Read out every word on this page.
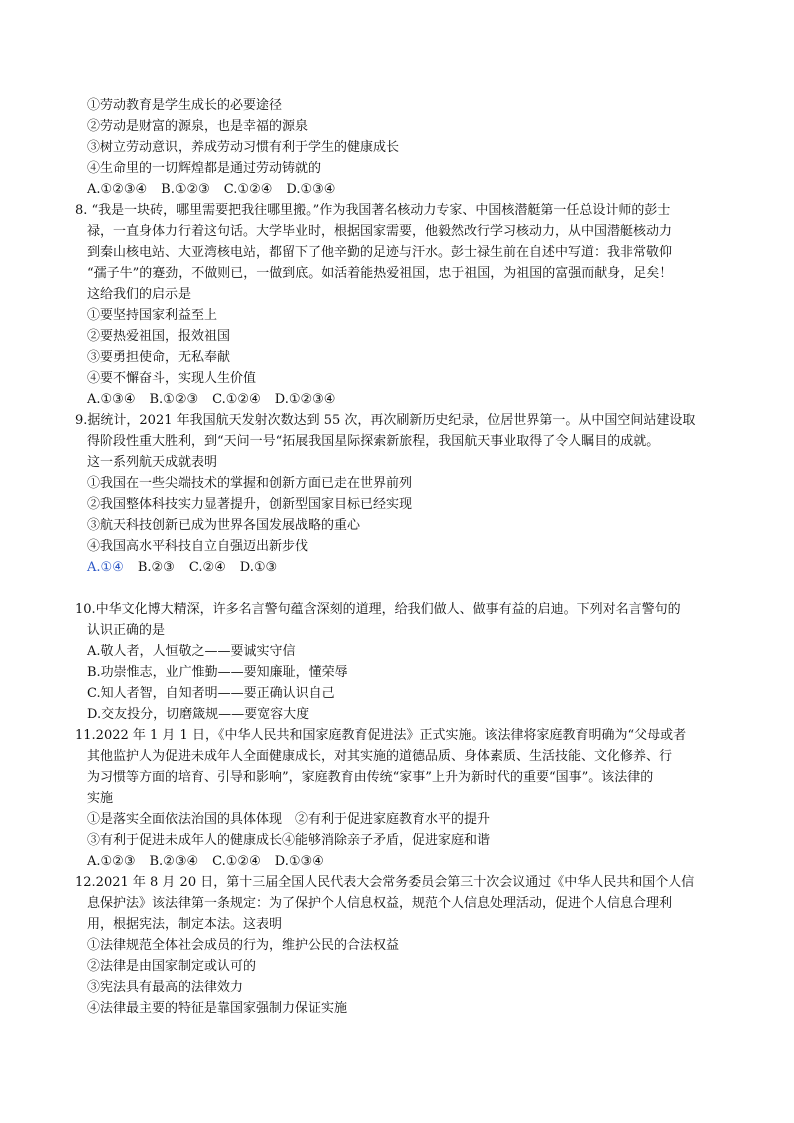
①劳动教育是学生成长的必要途径
②劳动是财富的源泉，也是幸福的源泉
③树立劳动意识，养成劳动习惯有利于学生的健康成长
④生命里的一切辉煌都是通过劳动铸就的
A.①②③④ B.①②③ C.①②④ D.①③④
8. “我是一块砖，哪里需要把我往哪里搬。”作为我国著名核动力专家、中国核潜艇第一任总设计师的彭士
禄，一直身体力行着这句话。大学毕业时，根据国家需要，他毅然改行学习核动力，从中国潜艇核动力
到秦山核电站、大亚湾核电站，都留下了他辛勤的足迹与汗水。彭士禄生前在自述中写道：我非常敬仰
“孺子牛”的蹇劲，不做则已，一做到底。如活着能热爱祖国，忠于祖国，为祖国的富强而献身，足矣！
这给我们的启示是
①要坚持国家利益至上
②要热爱祖国，报效祖国
③要勇担使命，无私奉献
④要不懈奋斗，实现人生价值
A.①③④ B.①②③ C.①②④ D.①②③④
9.据统计，2021 年我国航天发射次数达到 55 次，再次刷新历史纪录，位居世界第一。从中国空间站建设取
得阶段性重大胜利，到“天问一号“拓展我国星际探索新旅程，我国航天事业取得了令人瞩目的成就。
这一系列航天成就表明
①我国在一些尖端技术的掌握和创新方面已走在世界前列
②我国整体科技实力显著提升，创新型国家目标已经实现
③航天科技创新已成为世界各国发展战略的重心
④我国高水平科技自立自强迈出新步伐
A.①④ B.②③ C.②④ D.①③
10.中华文化博大精深，许多名言警句蕴含深刻的道理，给我们做人、做事有益的启迪。下列对名言警句的
认识正确的是
A.敬人者，人恒敬之——要诚实守信
B.功崇惟志，业广惟勤——要知廉耻，懂荣辱
C.知人者智，自知者明——要正确认识自己
D.交友投分，切磨箴规——要宽容大度
11.2022 年 1 月 1 日，《中华人民共和国家庭教育促进法》正式实施。该法律将家庭教育明确为“父母或者
其他监护人为促进未成年人全面健康成长，对其实施的道德品质、身体素质、生活技能、文化修养、行
为习惯等方面的培育、引导和影响”，家庭教育由传统“家事”上升为新时代的重要“国事”。该法律的
实施
①是落实全面依法治国的具体体现　②有利于促进家庭教育水平的提升
③有利于促进未成年人的健康成长④能够消除亲子矛盾，促进家庭和谐
A.①②③ B.②③④ C.①②④ D.①③④
12.2021 年 8 月 20 日，第十三届全国人民代表大会常务委员会第三十次会议通过《中华人民共和国个人信
息保护法》该法律第一条规定：为了保护个人信息权益，规范个人信息处理活动，促进个人信息合理利
用，根据宪法，制定本法。这表明
①法律规范全体社会成员的行为，维护公民的合法权益
②法律是由国家制定或认可的
③宪法具有最高的法律效力
④法律最主要的特征是靠国家强制力保证实施
